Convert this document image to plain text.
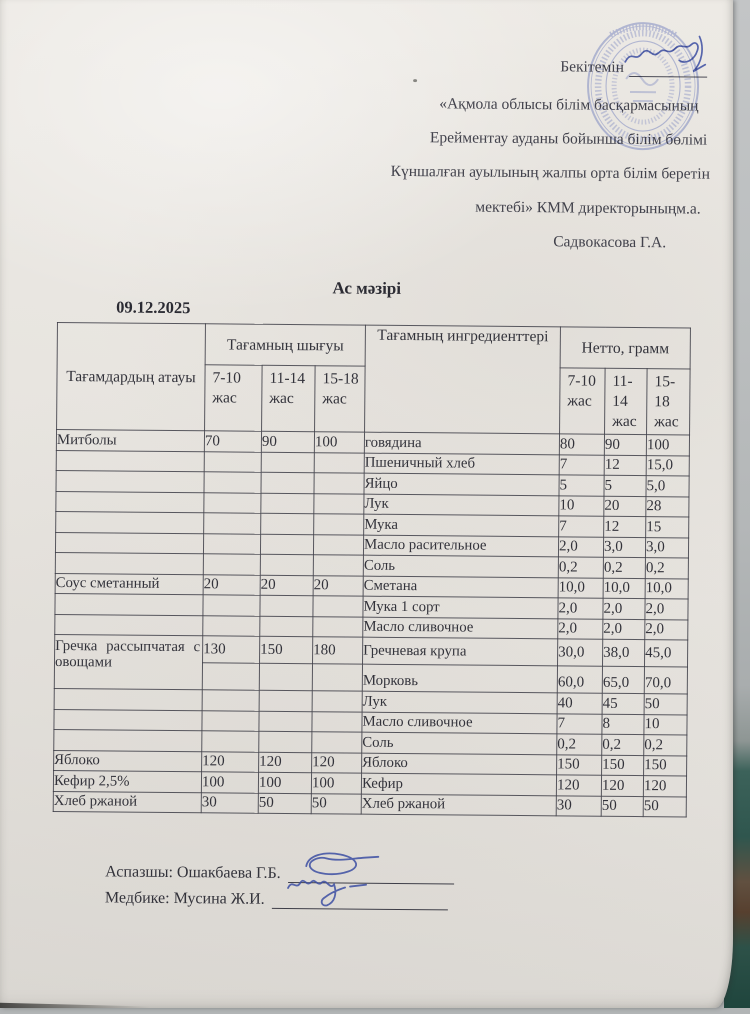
Бекітемін
«Ақмола облысы білім басқармасының
Ерейментау ауданы бойынша білім бөлімі
Күншалған ауылының жалпы орта білім беретін
мектебі» КММ директорыныңм.а.
Садвокасова Г.А.
Ас мәзірі
09.12.2025
Тағамдардың атауы	Тағамның шығуы			Тағамның ингредиенттері	Нетто, грамм		
	7-10 жас	11-14 жас	15-18 жас		7-10 жас	11-14 жас	15-18 жас
Митболы	70	90	100	говядина	80	90	100
				Пшеничный хлеб	7	12	15,0
				Яйцо	5	5	5,0
				Лук	10	20	28
				Мука	7	12	15
				Масло расительное	2,0	3,0	3,0
				Соль	0,2	0,2	0,2
Соус сметанный	20	20	20	Сметана	10,0	10,0	10,0
				Мука 1 сорт	2,0	2,0	2,0
				Масло сливочное	2,0	2,0	2,0
Гречка рассыпчатая с овощами	130	150	180	Гречневая крупа	30,0	38,0	45,0
				Морковь	60,0	65,0	70,0
				Лук	40	45	50
				Масло сливочное	7	8	10
				Соль	0,2	0,2	0,2
Яблоко	120	120	120	Яблоко	150	150	150
Кефир 2,5%	100	100	100	Кефир	120	120	120
Хлеб ржаной	30	50	50	Хлеб ржаной	30	50	50
Аспазшы: Ошакбаева Г.Б.
Медбике: Мусина Ж.И.
